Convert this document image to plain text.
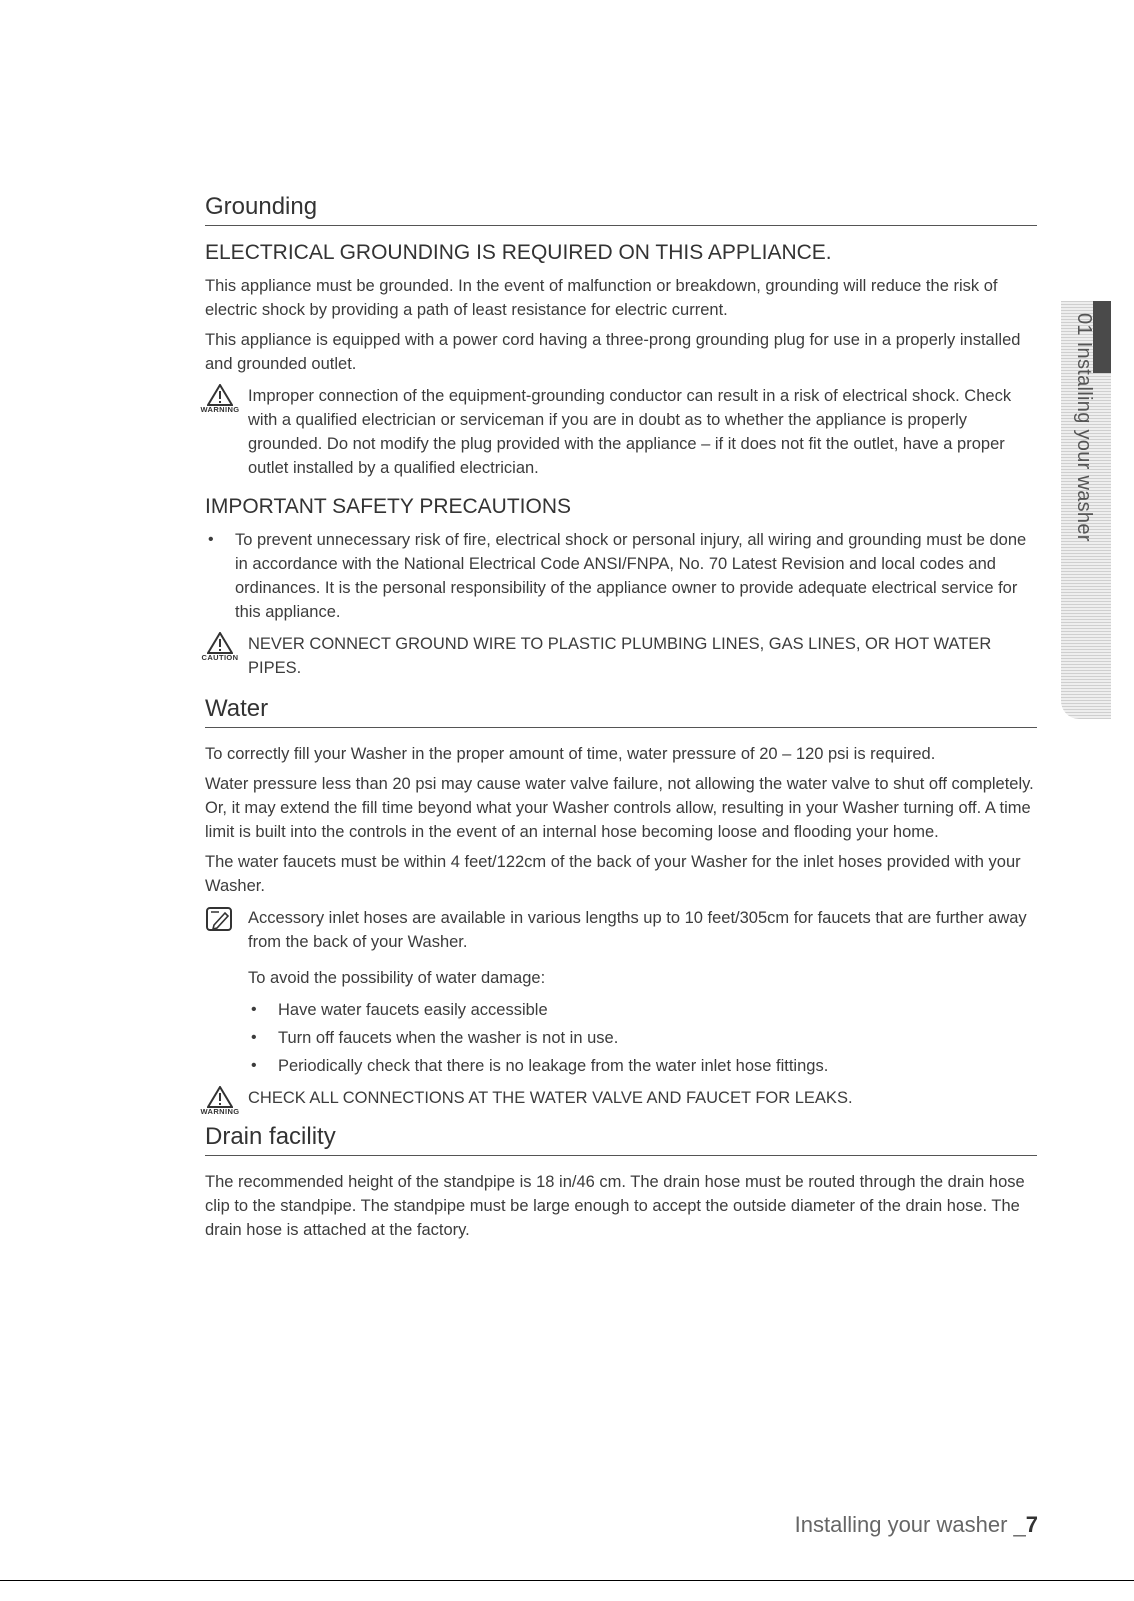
01 Installing your washer
Grounding
ELECTRICAL GROUNDING IS REQUIRED ON THIS APPLIANCE.

This appliance must be grounded. In the event of malfunction or breakdown, grounding will reduce the risk of electric shock by providing a path of least resistance for electric current.

This appliance is equipped with a power cord having a three-prong grounding plug for use in a properly installed and grounded outlet.

WARNING

Improper connection of the equipment-grounding conductor can result in a risk of electrical shock. Check with a qualified electrician or serviceman if you are in doubt as to whether the appliance is properly grounded. Do not modify the plug provided with the appliance – if it does not fit the outlet, have a proper outlet installed by a qualified electrician.

IMPORTANT SAFETY PRECAUTIONS
• To prevent unnecessary risk of fire, electrical shock or personal injury, all wiring and grounding must be done in accordance with the National Electrical Code ANSI/FNPA, No. 70 Latest Revision and local codes and ordinances. It is the personal responsibility of the appliance owner to provide adequate electrical service for this appliance.
CAUTION

NEVER CONNECT GROUND WIRE TO PLASTIC PLUMBING LINES, GAS LINES, OR HOT WATER PIPES.

Water

To correctly fill your Washer in the proper amount of time, water pressure of 20 – 120 psi is required.

Water pressure less than 20 psi may cause water valve failure, not allowing the water valve to shut off completely. Or, it may extend the fill time beyond what your Washer controls allow, resulting in your Washer turning off. A time limit is built into the controls in the event of an internal hose becoming loose and flooding your home.

The water faucets must be within 4 feet/122cm of the back of your Washer for the inlet hoses provided with your Washer.

Accessory inlet hoses are available in various lengths up to 10 feet/305cm for faucets that are further away from the back of your Washer.

To avoid the possibility of water damage:

• Have water faucets easily accessible
• Turn off faucets when the washer is not in use.
• Periodically check that there is no leakage from the water inlet hose fittings.
WARNING

CHECK ALL CONNECTIONS AT THE WATER VALVE AND FAUCET FOR LEAKS.

Drain facility

The recommended height of the standpipe is 18 in/46 cm. The drain hose must be routed through the drain hose clip to the standpipe. The standpipe must be large enough to accept the outside diameter of the drain hose. The drain hose is attached at the factory.

Installing your washer _7
